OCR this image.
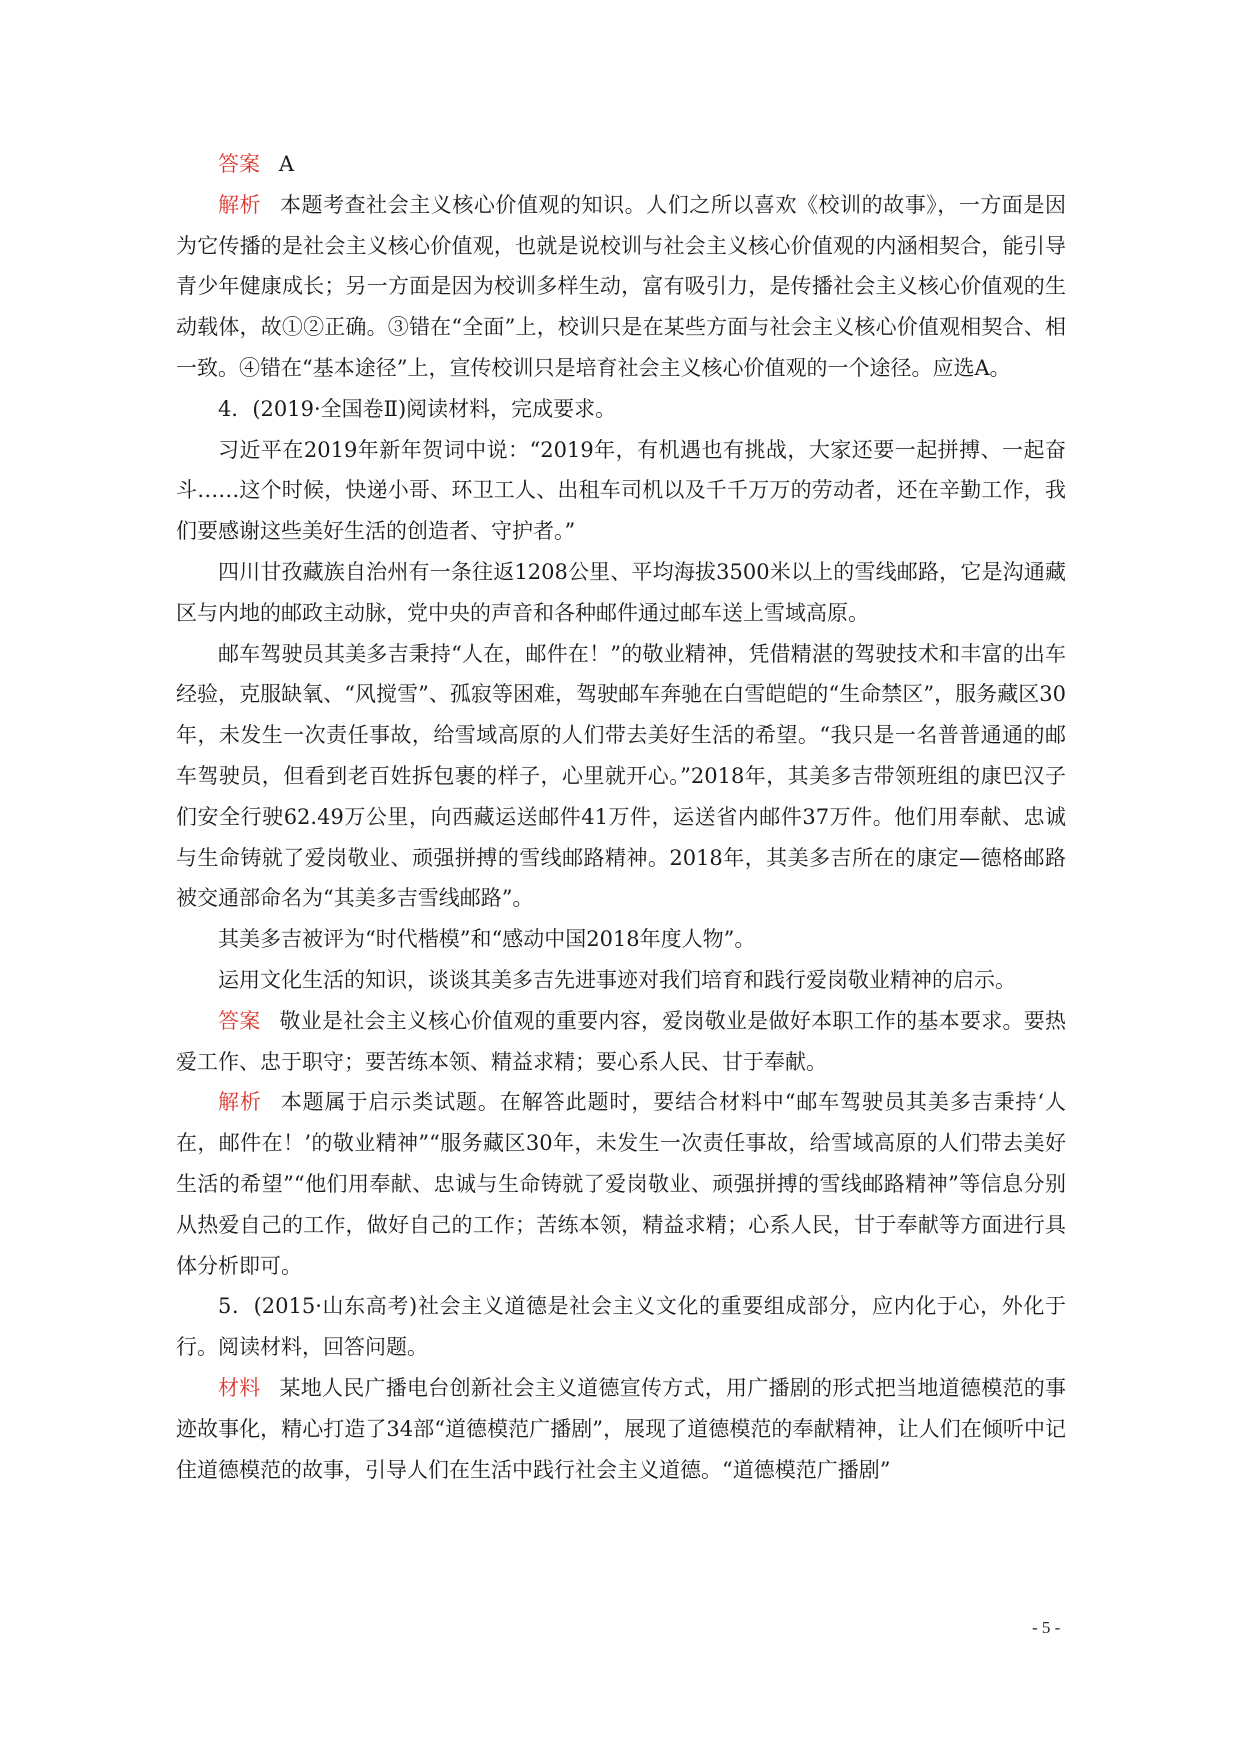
答案 A

解析 本题考查社会主义核心价值观的知识。人们之所以喜欢《校训的故事》，一方面是因为它传播的是社会主义核心价值观，也就是说校训与社会主义核心价值观的内涵相契合，能引导青少年健康成长；另一方面是因为校训多样生动，富有吸引力，是传播社会主义核心价值观的生动载体，故①②正确。③错在“全面”上，校训只是在某些方面与社会主义核心价值观相契合、相一致。④错在“基本途径”上，宣传校训只是培育社会主义核心价值观的一个途径。应选A。

4．(2019·全国卷Ⅱ)阅读材料，完成要求。

习近平在2019年新年贺词中说：“2019年，有机遇也有挑战，大家还要一起拼搏、一起奋斗……这个时候，快递小哥、环卫工人、出租车司机以及千千万万的劳动者，还在辛勤工作，我们要感谢这些美好生活的创造者、守护者。”

四川甘孜藏族自治州有一条往返1208公里、平均海拔3500米以上的雪线邮路，它是沟通藏区与内地的邮政主动脉，党中央的声音和各种邮件通过邮车送上雪域高原。

邮车驾驶员其美多吉秉持“人在，邮件在！”的敬业精神，凭借精湛的驾驶技术和丰富的出车经验，克服缺氧、“风搅雪”、孤寂等困难，驾驶邮车奔驰在白雪皑皑的“生命禁区”，服务藏区30年，未发生一次责任事故，给雪域高原的人们带去美好生活的希望。“我只是一名普普通通的邮车驾驶员，但看到老百姓拆包裹的样子，心里就开心。”2018年，其美多吉带领班组的康巴汉子们安全行驶62.49万公里，向西藏运送邮件41万件，运送省内邮件37万件。他们用奉献、忠诚与生命铸就了爱岗敬业、顽强拼搏的雪线邮路精神。2018年，其美多吉所在的康定—德格邮路被交通部命名为“其美多吉雪线邮路”。

其美多吉被评为“时代楷模”和“感动中国2018年度人物”。

运用文化生活的知识，谈谈其美多吉先进事迹对我们培育和践行爱岗敬业精神的启示。

答案 敬业是社会主义核心价值观的重要内容，爱岗敬业是做好本职工作的基本要求。要热爱工作、忠于职守；要苦练本领、精益求精；要心系人民、甘于奉献。

解析 本题属于启示类试题。在解答此题时，要结合材料中“邮车驾驶员其美多吉秉持‘人在，邮件在！’的敬业精神”“服务藏区30年，未发生一次责任事故，给雪域高原的人们带去美好生活的希望”“他们用奉献、忠诚与生命铸就了爱岗敬业、顽强拼搏的雪线邮路精神”等信息分别从热爱自己的工作，做好自己的工作；苦练本领，精益求精；心系人民，甘于奉献等方面进行具体分析即可。

5．(2015·山东高考)社会主义道德是社会主义文化的重要组成部分，应内化于心，外化于行。阅读材料，回答问题。

材料 某地人民广播电台创新社会主义道德宣传方式，用广播剧的形式把当地道德模范的事迹故事化，精心打造了34部“道德模范广播剧”，展现了道德模范的奉献精神，让人们在倾听中记住道德模范的故事，引导人们在生活中践行社会主义道德。“道德模范广播剧”

- 5 -
